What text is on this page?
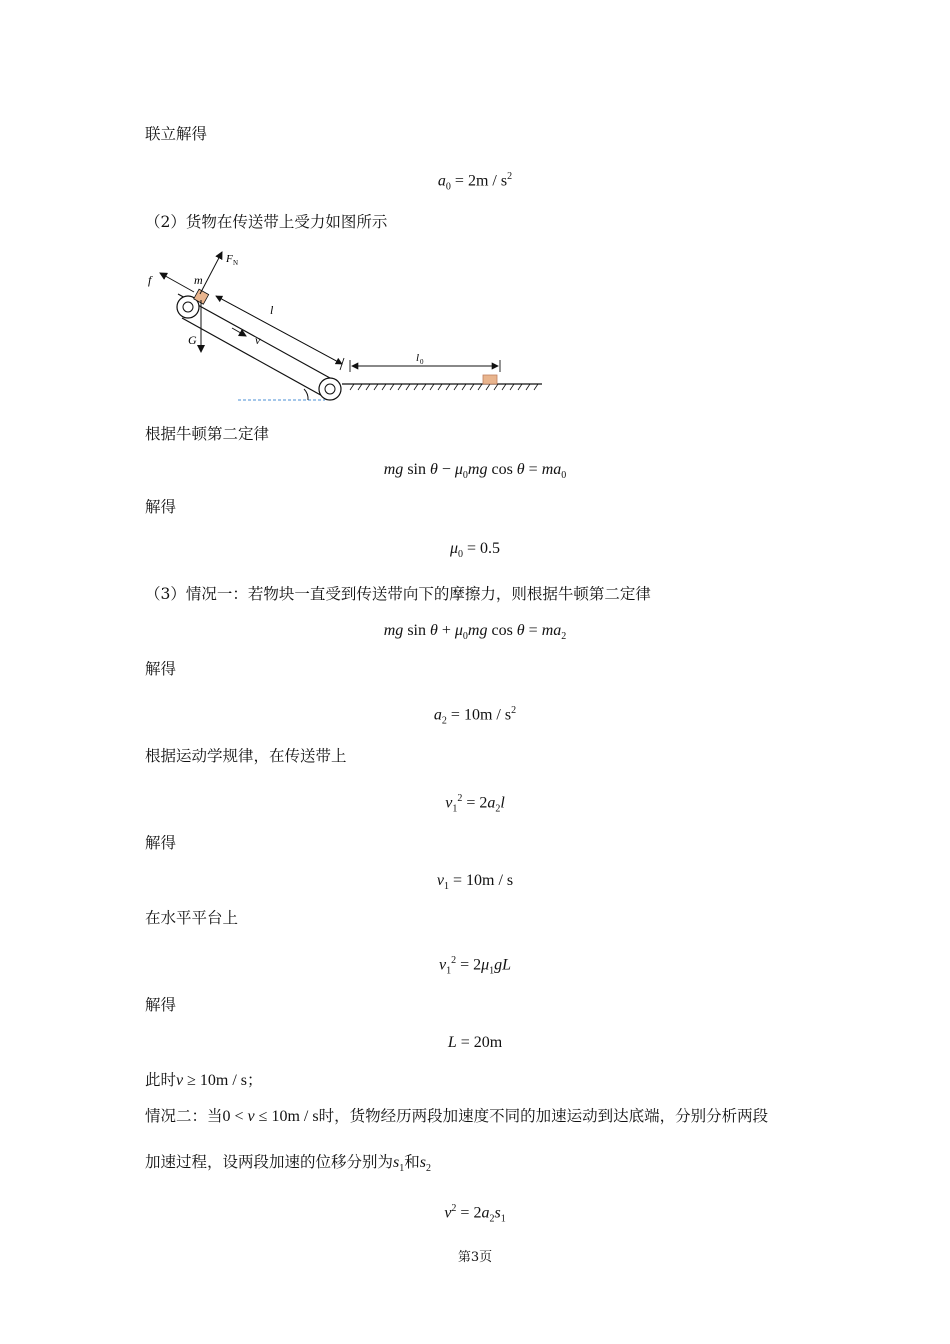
联立解得
$a_0 = 2m / s^2$
（2）货物在传送带上受力如图所示
f	m
F N
l
G	v
l 0
根据牛顿第二定律
mg $\sin \theta - \mu_0mg$ $\cos \theta = ma_0$
解得
$\mu_0 = 0.5$
（3）情况一：若物块一直受到传送带向下的摩擦力，则根据牛顿第二定律
mg $\sin \theta + \mu_0mg$ $\cos \theta = ma_2$
解得
$a_2 = 10m / s^2$
根据运动学规律，在传送带上
$v_1^2 = 2a_2l$
解得
$v_1 = 10m / s$
在水平平台上
$v_1^2 = 2\mu_1gL$
解得
L = 20m
此时v ≥ 10m / s；
情况二：当0 < v ≤ 10m / s时，货物经历两段加速度不同的加速运动到达底端，分别分析两段
加速过程，设两段加速的位移分别为$s_1$和$s_2$
$v^2 = 2a_2s_1$
第3页
